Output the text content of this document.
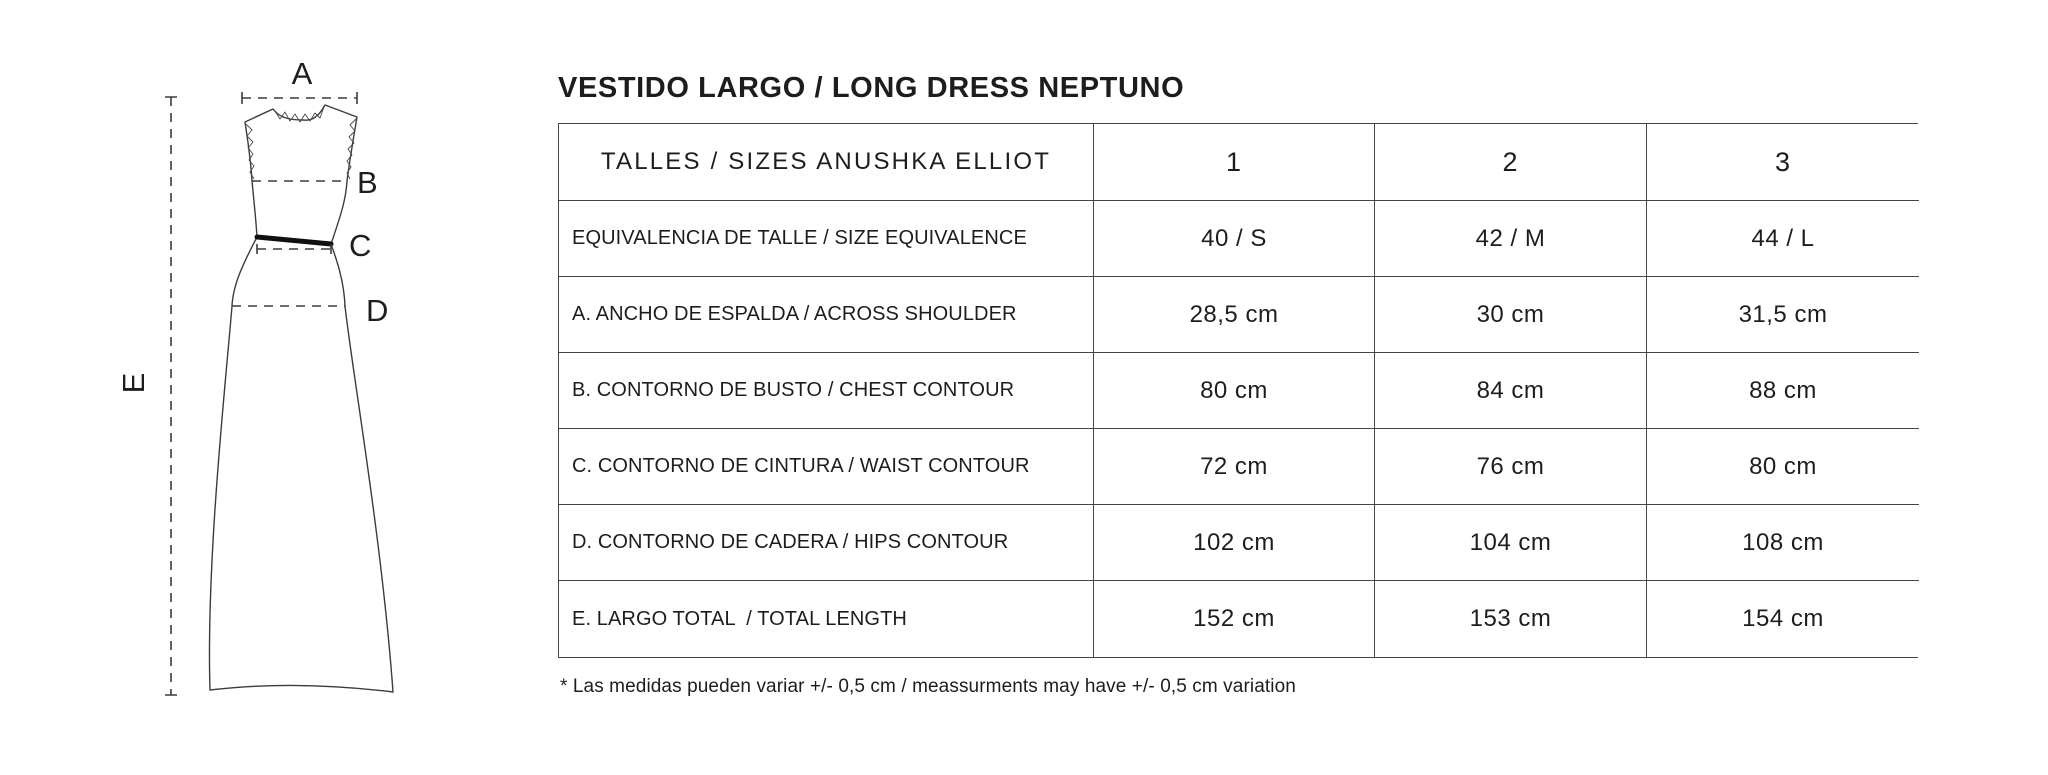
A
B
C
D
E
VESTIDO LARGO / LONG DRESS NEPTUNO
TALLES / SIZES ANUSHKA ELLIOT	1	2	3
EQUIVALENCIA DE TALLE / SIZE EQUIVALENCE	40 / S	42 / M	44 / L
A. ANCHO DE ESPALDA / ACROSS SHOULDER	28,5 cm	30 cm	31,5 cm
B. CONTORNO DE BUSTO / CHEST CONTOUR	80 cm	84 cm	88 cm
C. CONTORNO DE CINTURA / WAIST CONTOUR	72 cm	76 cm	80 cm
D. CONTORNO DE CADERA / HIPS CONTOUR	102 cm	104 cm	108 cm
E. LARGO TOTAL  / TOTAL LENGTH	152 cm	153 cm	154 cm
* Las medidas pueden variar +/- 0,5 cm / meassurments may have +/- 0,5 cm variation
